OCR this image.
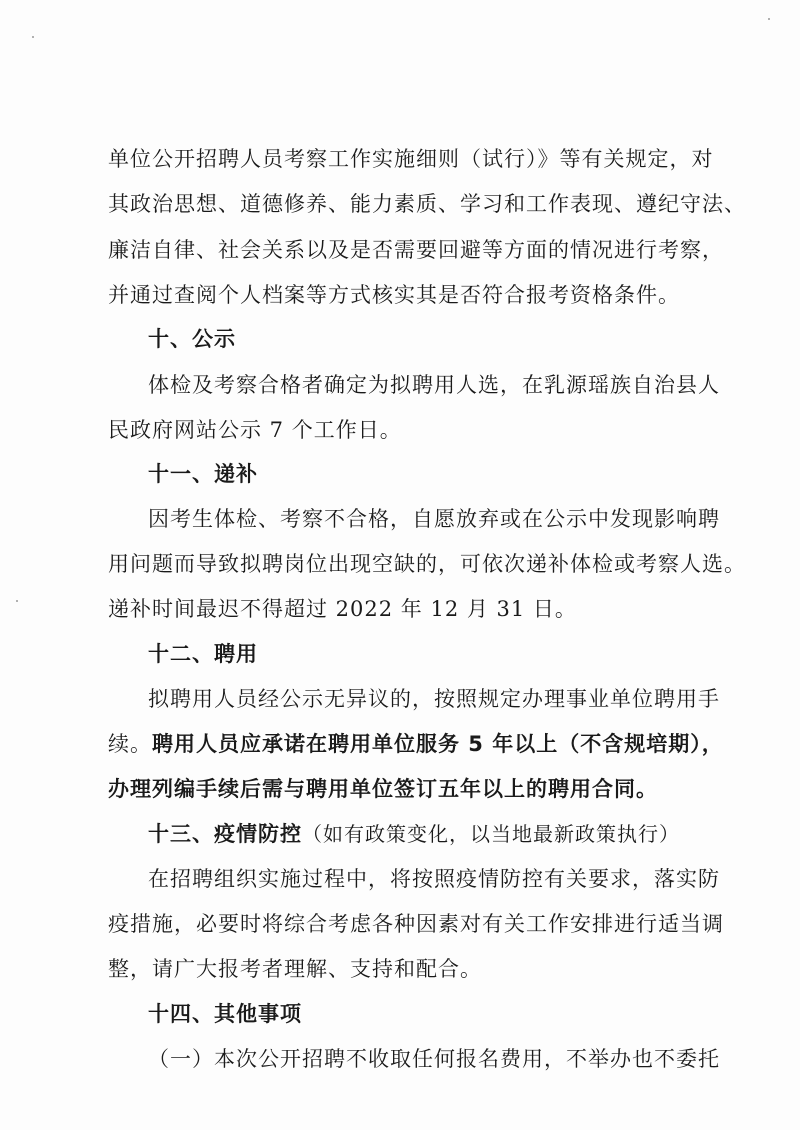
单位公开招聘人员考察工作实施细则（试行）》等有关规定，对
其政治思想、道德修养、能力素质、学习和工作表现、遵纪守法、
廉洁自律、社会关系以及是否需要回避等方面的情况进行考察，
并通过查阅个人档案等方式核实其是否符合报考资格条件。
十、公示
体检及考察合格者确定为拟聘用人选，在乳源瑶族自治县人
民政府网站公示 7 个工作日。
十一、递补
因考生体检、考察不合格，自愿放弃或在公示中发现影响聘
用问题而导致拟聘岗位出现空缺的，可依次递补体检或考察人选。
递补时间最迟不得超过 2022 年 12 月 31 日。
十二、聘用
拟聘用人员经公示无异议的，按照规定办理事业单位聘用手
续。聘用人员应承诺在聘用单位服务 5 年以上（不含规培期），
办理列编手续后需与聘用单位签订五年以上的聘用合同。
十三、疫情防控（如有政策变化，以当地最新政策执行）
在招聘组织实施过程中，将按照疫情防控有关要求，落实防
疫措施，必要时将综合考虑各种因素对有关工作安排进行适当调
整，请广大报考者理解、支持和配合。
十四、其他事项
（一）本次公开招聘不收取任何报名费用，不举办也不委托
